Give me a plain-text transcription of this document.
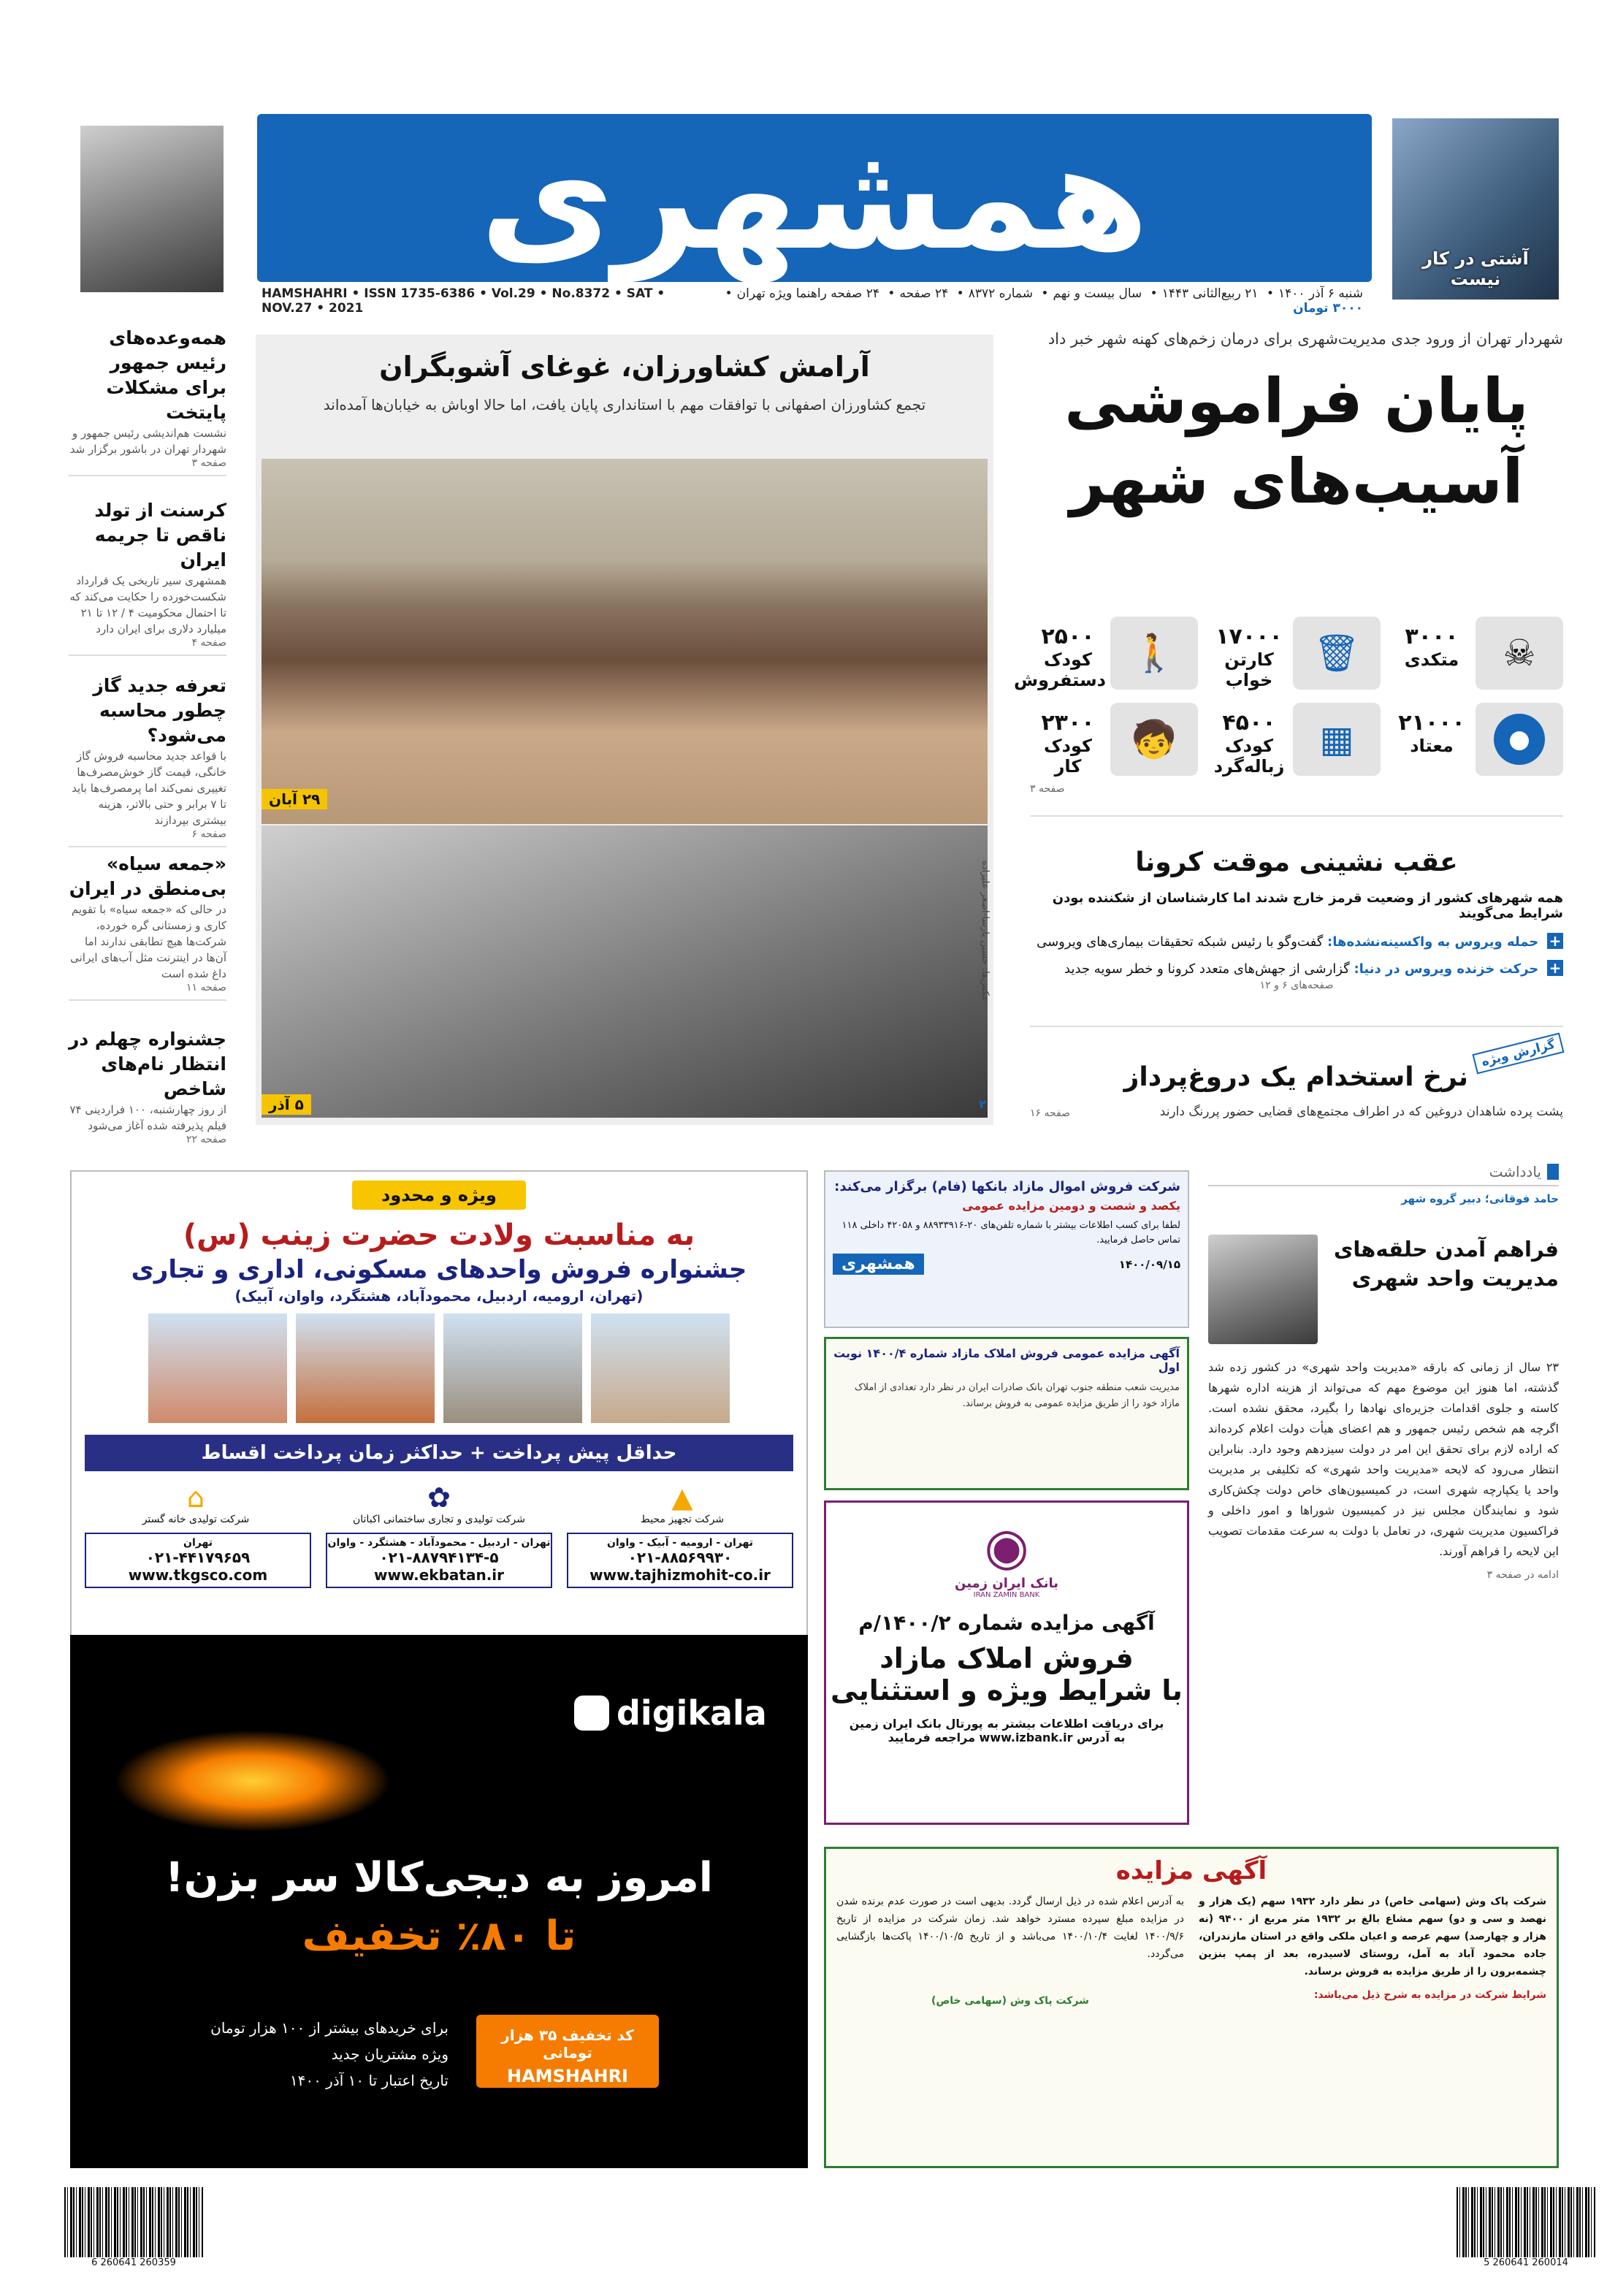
همشهری
HAMSHAHRI • ISSN 1735-6386 • Vol.29 • No.8372 • SAT • NOV.27 • 2021
شنبه ۶ آذر ۱۴۰۰• ۲۱ ربیع‌الثانی ۱۴۴۳• سال بیست و نهم• شماره ۸۳۷۲• ۲۴ صفحه• ۲۴ صفحه راهنما ویژه تهران• ۳۰۰۰ تومان
آشتی در کار نیست
همه‌وعده‌های رئیس جمهور برای مشکلات پایتخت
نشست هم‌اندیشی رئیس جمهور و شهردار تهران در باشور برگزار شد
صفحه ۳
کرسنت از تولد ناقص تا جریمه ایران
همشهری سیر تاریخی یک قرارداد شکست‌خورده را حکایت می‌کند که تا احتمال محکومیت ۴ / ۱۲ تا ۲۱ میلیارد دلاری برای ایران دارد
صفحه ۴
تعرفه جدید گاز چطور محاسبه می‌شود؟
با قواعد جدید محاسبه فروش گاز خانگی، قیمت گاز خوش‌مصرف‌ها تغییری نمی‌کند اما پرمصرف‌ها باید تا ۷ برابر و حتی بالاتر، هزینه بیشتری بپردازند
صفحه ۶
«جمعه سیاه» بی‌منطق در ایران
در حالی که «جمعه سیاه» با تقویم کاری و زمستانی گره خورده، شرکت‌ها هیچ تطابقی ندارند اما آن‌ها در اینترنت مثل آب‌های ایرانی داغ شده است
صفحه ۱۱
جشنواره چهلم در انتظار نام‌های شاخص
از روز چهارشنبه، ۱۰۰ فراردینی ۷۴ فیلم پذیرفته شده آغاز می‌شود
صفحه ۲۲
آرامش کشاورزان، غوغای آشوبگران
تجمع کشاورزان اصفهانی با توافقات مهم با استانداری پایان یافت، اما حالا اوباش به خیابان‌ها آمده‌اند
۲۹ آبان
۵ آذر	۲
عکس‌ها: حسین پارسا-اصغر علیزاده
شهردار تهران از ورود جدی مدیریت‌شهری برای درمان زخم‌های کهنه شهر خبر داد
پایان فراموشی
آسیب‌های شهر
☠
۳۰۰۰
متکدی
🗑
۱۷۰۰۰
کارتن خواب
🚶
۲۵۰۰
کودک دستفروش
●
۲۱۰۰۰
معتاد
▦
۴۵۰۰
کودک زباله‌گرد
🧒
۲۳۰۰
کودک کار
صفحه ۳
عقب نشینی موقت کرونا
همه شهرهای کشور از وضعیت قرمز خارج شدند اما کارشناسان از شکننده بودن شرایط می‌گویند
+ حمله ویروس به واکسینه‌نشده‌ها: گفت‌وگو با رئیس شبکه تحقیقات بیماری‌های ویروسی
+ حرکت خزنده ویروس در دنیا: گزارشی از جهش‌های متعدد کرونا و خطر سویه جدید
صفحه‌های ۶ و ۱۲
گزارش ویژه
نرخ استخدام یک دروغ‌پرداز
پشت پرده شاهدان دروغین که در اطراف مجتمع‌های قضایی حضور پررنگ دارند
صفحه ۱۶
یادداشت
حامد فوقانی؛ دبیر گروه شهر
فراهم آمدن حلقه‌های مدیریت واحد شهری
۲۳ سال از زمانی که بارقه «مدیریت واحد شهری» در کشور زده شد گذشته، اما هنوز این موضوع مهم که می‌تواند از هزینه اداره شهرها کاسته و جلوی اقدامات جزیره‌ای نهادها را بگیرد، محقق نشده است. اگرچه هم شخص رئیس جمهور و هم اعضای هیأت دولت اعلام کرده‌اند که اراده لازم برای تحقق این امر در دولت سیزدهم وجود دارد. بنابراین انتظار می‌رود که لایحه «مدیریت واحد شهری» که تکلیفی بر مدیریت واحد یا یکپارچه شهری است، در کمیسیون‌های خاص دولت چکش‌کاری شود و نمایندگان مجلس نیز در کمیسیون شوراها و امور داخلی و فراکسیون مدیریت شهری، در تعامل با دولت به سرعت مقدمات تصویب این لایحه را فراهم آورند.
ادامه در صفحه ۳
ویژه و محدود
به مناسبت ولادت حضرت زینب (س)
جشنواره فروش واحدهای مسکونی، اداری و تجاری
(تهران، ارومیه، اردبیل، محمودآباد، هشتگرد، واوان، آبیک)
حداقل پیش پرداخت + حداکثر زمان پرداخت اقساط
▲
شرکت تجهیز محیط
✿
شرکت تولیدی و تجاری ساختمانی اکباتان
⌂
شرکت تولیدی خانه گستر
تهران - ارومیه - آبیک - واوان
۰۲۱-۸۸۵۶۹۹۳۰
www.tajhizmohit-co.ir
تهران - اردبیل - محمودآباد - هشتگرد - واوان
۰۲۱-۸۸۷۹۴۱۳۴-۵
www.ekbatan.ir
تهران
۰۲۱-۴۴۱۷۹۶۵۹
www.tkgsco.com
شرکت فروش اموال مازاد بانکها (فام) برگزار می‌کند:
یکصد و شصت و دومین مزایده عمومی
لطفا برای کسب اطلاعات بیشتر با شماره تلفن‌های ۲۰-۸۸۹۳۳۹۱۶ و ۴۲۰۵۸ داخلی ۱۱۸ تماس حاصل فرمایید.
۱۴۰۰/۰۹/۱۵
همشهری
آگهی مزایده عمومی فروش املاک مازاد شماره ۱۴۰۰/۴ نوبت اول
مدیریت شعب منطقه جنوب تهران بانک صادرات ایران در نظر دارد تعدادی از املاک مازاد خود را از طریق مزایده عمومی به فروش برساند.
◉
بانک ایران زمین
IRAN ZAMIN BANK
آگهی مزایده شماره ۱۴۰۰/۲/م
فروش املاک مازاد
با شرایط ویژه و استثنایی
برای دریافت اطلاعات بیشتر به پورتال بانک ایران زمین
به آدرس www.izbank.ir مراجعه فرمایید
digikala
امروز به دیجی‌کالا سر بزن!
تا ۸۰٪ تخفیف
کد تخفیف ۳۵ هزار تومانی
HAMSHAHRI
برای خریدهای بیشتر از ۱۰۰ هزار تومان
ویژه مشتریان جدید
تاریخ اعتبار تا ۱۰ آذر ۱۴۰۰
آگهی مزایده
شرکت پاک وش (سهامی خاص) در نظر دارد ۱۹۳۲ سهم (یک هزار و نهصد و سی و دو) سهم مشاع بالغ بر ۱۹۳۲ متر مربع از ۹۴۰۰ (نه هزار و چهارصد) سهم عرصه و اعیان ملکی واقع در استان مازندران، جاده محمود آباد به آمل، روستای لاسیدره، بعد از پمپ بنزین چشمه‌برون را از طریق مزایده به فروش برساند.
شرایط شرکت در مزایده به شرح ذیل می‌باشد:
به آدرس اعلام شده در ذیل ارسال گردد. بدیهی است در صورت عدم برنده شدن در مزایده مبلغ سپرده مسترد خواهد شد. زمان شرکت در مزایده از تاریخ ۱۴۰۰/۹/۶ لغایت ۱۴۰۰/۱۰/۴ می‌باشد و از تاریخ ۱۴۰۰/۱۰/۵ پاکت‌ها بازگشایی می‌گردد.
شرکت پاک وش (سهامی خاص)
6 260641 260359	5 260641 260014
